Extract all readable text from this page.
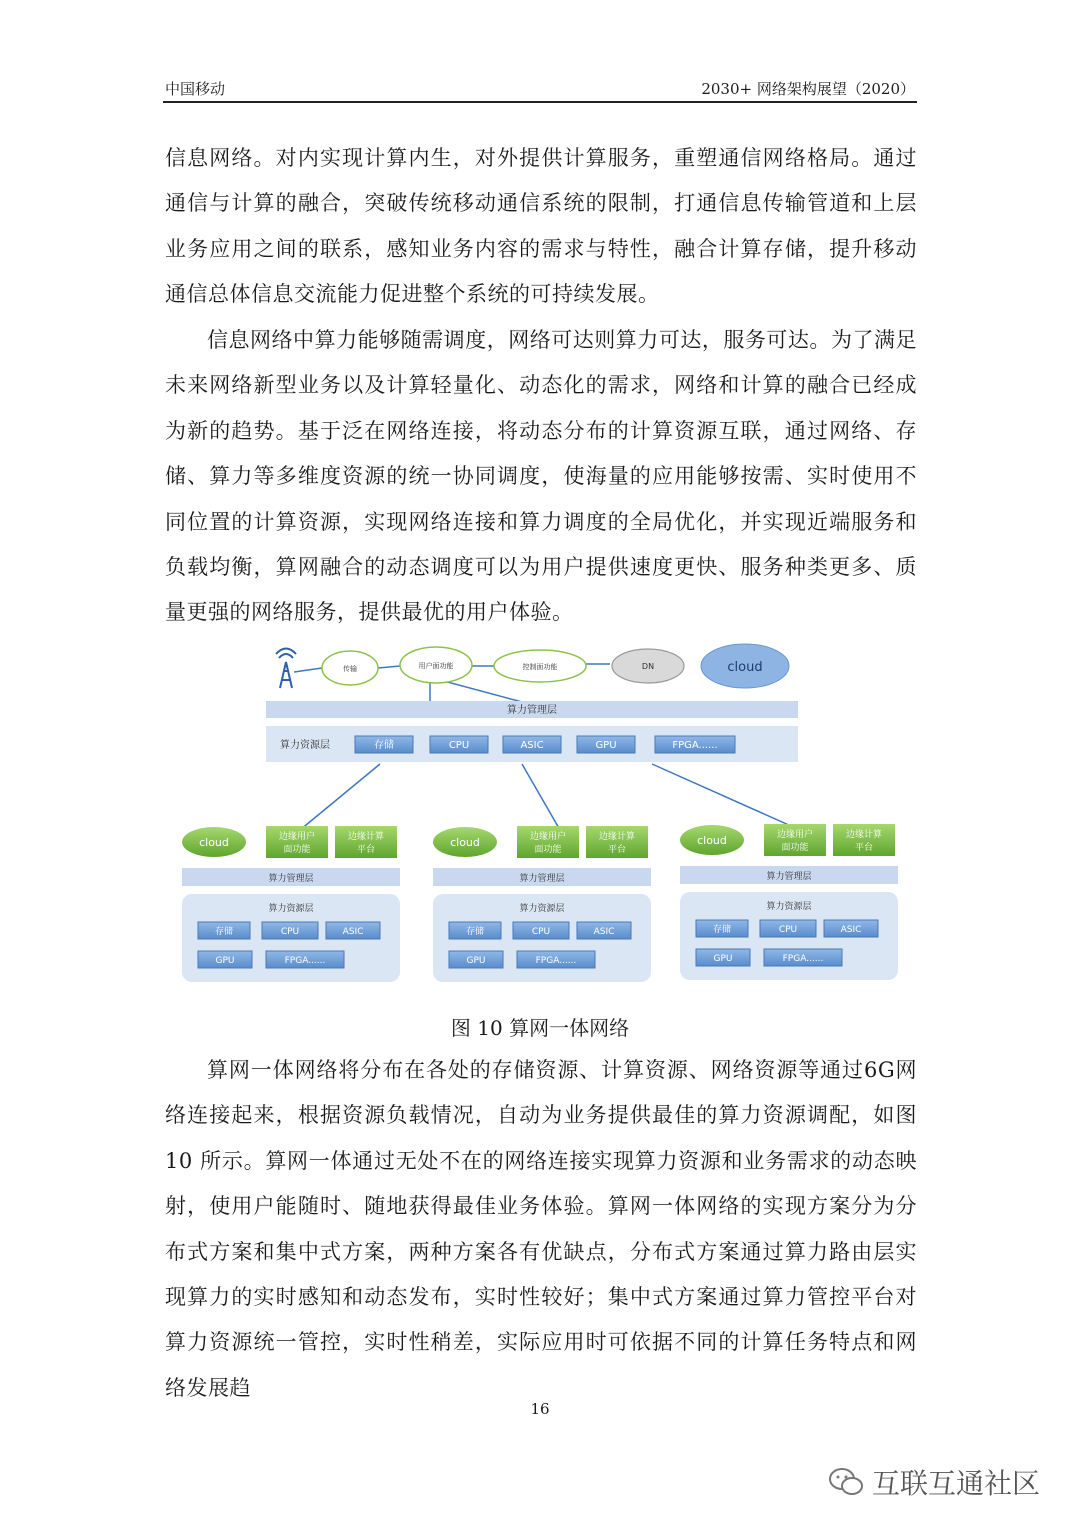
中国移动	2030+ 网络架构展望（2020）

信息网络。对内实现计算内生，对外提供计算服务，重塑通信网络格局。通过通信与计算的融合，突破传统移动通信系统的限制，打通信息传输管道和上层业务应用之间的联系，感知业务内容的需求与特性，融合计算存储，提升移动通信总体信息交流能力促进整个系统的可持续发展。

信息网络中算力能够随需调度，网络可达则算力可达，服务可达。为了满足未来网络新型业务以及计算轻量化、动态化的需求，网络和计算的融合已经成为新的趋势。基于泛在网络连接，将动态分布的计算资源互联，通过网络、存储、算力等多维度资源的统一协同调度，使海量的应用能够按需、实时使用不同位置的计算资源，实现网络连接和算力调度的全局优化，并实现近端服务和负载均衡，算网融合的动态调度可以为用户提供速度更快、服务种类更多、质量更强的网络服务，提供最优的用户体验。

传输	用户面功能	控制面功能	DN	cloud
算力管理层
算力资源层	存储	CPU	ASIC	GPU	FPGA......
cloud	边缘用户
面功能
边缘计算
平台
算力管理层
算力资源层
存储	CPU	ASIC
GPU	FPGA......
cloud	边缘用户
面功能
边缘计算
平台
算力管理层
算力资源层
存储	CPU	ASIC
GPU	FPGA......
cloud	边缘用户
面功能
边缘计算
平台
算力管理层
算力资源层
存储	CPU	ASIC
GPU	FPGA......
图 10 算网一体网络

算网一体网络将分布在各处的存储资源、计算资源、网络资源等通过6G网络连接起来，根据资源负载情况，自动为业务提供最佳的算力资源调配，如图10 所示。算网一体通过无处不在的网络连接实现算力资源和业务需求的动态映射，使用户能随时、随地获得最佳业务体验。算网一体网络的实现方案分为分布式方案和集中式方案，两种方案各有优缺点，分布式方案通过算力路由层实现算力的实时感知和动态发布，实时性较好；集中式方案通过算力管控平台对算力资源统一管控，实时性稍差，实际应用时可依据不同的计算任务特点和网络发展趋

16
互联互通社区
